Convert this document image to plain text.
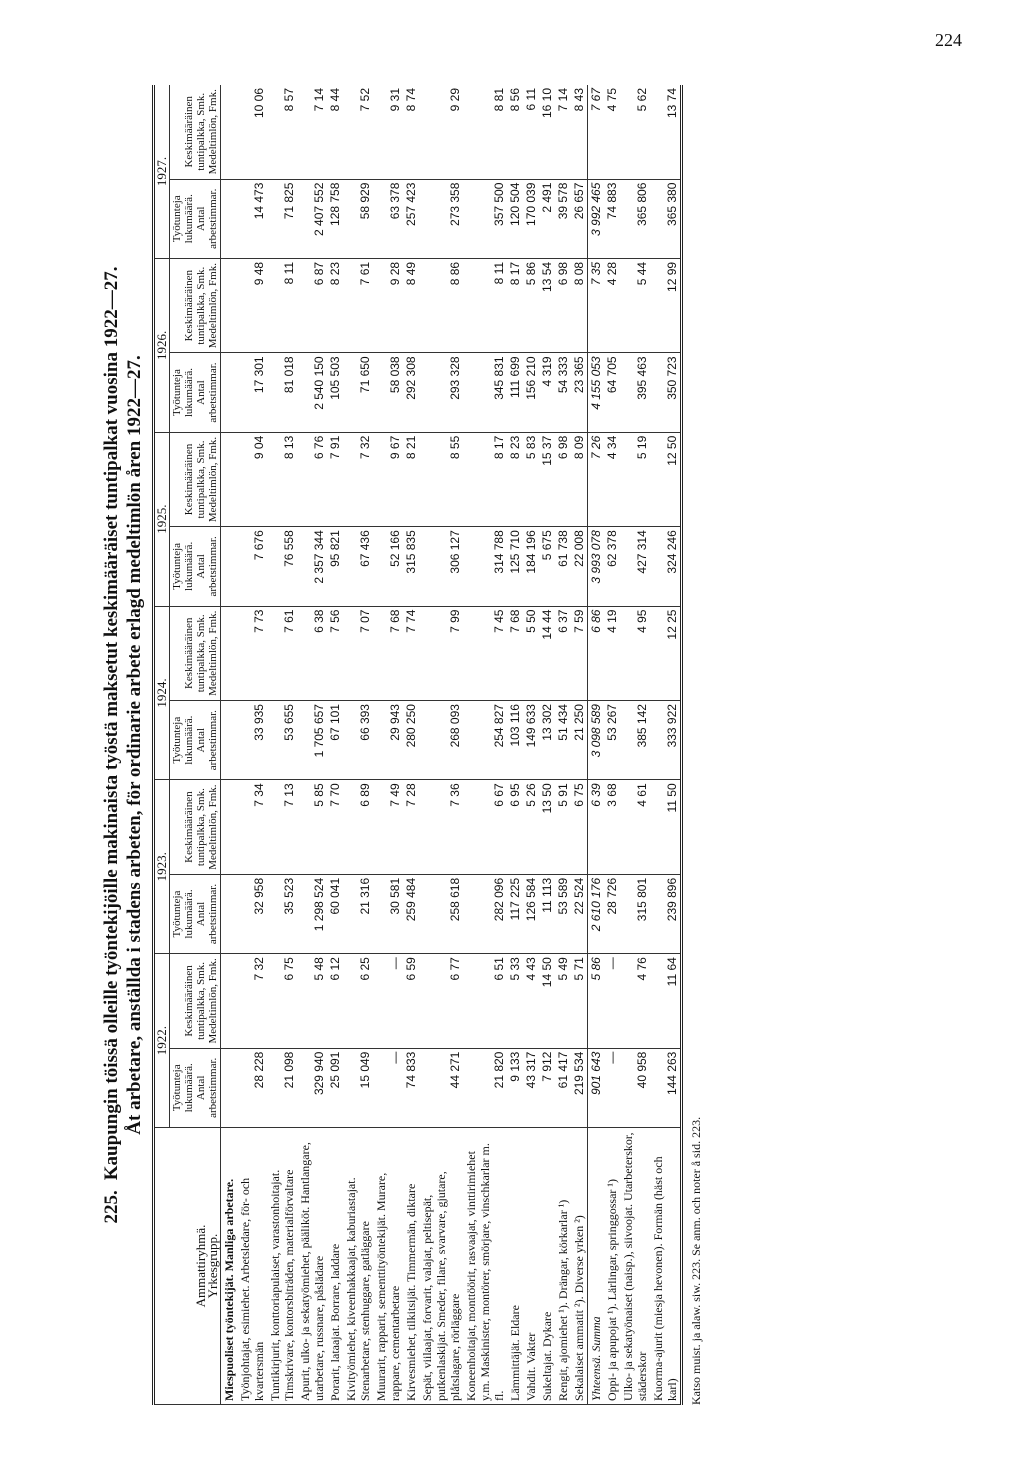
224
225.Kaupungin töissä olleille työntekijöille makinaista työstä maksetut keskimääräiset tuntipalkat vuosina 1922—27. Åt arbetare, anställda i stadens arbeten, för ordinarie arbete erlagd medeltimlön åren 1922—27.
Ammattiryhmä.
Yrkesgrupp.	1922.		1923.		1924.		1925.		1926.		1927.	
	Työtunteja lukumäärä. Antal arbetstimmar.	Keskimääräinen tuntipalkka, Smk. Medeltimlön, Fmk.	Työtunteja lukumäärä. Antal arbetstimmar.	Keskimääräinen tuntipalkka, Smk. Medeltimlön, Fmk.	Työtunteja lukumäärä. Antal arbetstimmar.	Keskimääräinen tuntipalkka, Smk. Medeltimlön, Fmk.	Työtunteja lukumäärä. Antal arbetstimmar.	Keskimääräinen tuntipalkka, Smk. Medeltimlön, Fmk.	Työtunteja lukumäärä. Antal arbetstimmar.	Keskimääräinen tuntipalkka, Smk. Medeltimlön, Fmk.	Työtunteja lukumäärä. Antal arbetstimmar.	Keskimääräinen tuntipalkka, Smk. Medeltimlön, Fmk.
Miespuoliset työntekijät. Manliga arbetare.												
Työnjohtajat, esimiehet. Arbetsledare, för- och kvartersmän	28 228	7 32	32 958	7 34	33 935	7 73	7 676	9 04	17 301	9 48	14 473	10 06
Tuntikirjurit, konttoriapulaiset, varastonhoitajat. Timskrivare, kontorsbiträden, materialförvaltare	21 098	6 75	35 523	7 13	53 655	7 61	76 558	8 13	81 018	8 11	71 825	8 57
Apurit, ulko- ja sekatyömiehet, pääliköt. Hantlangare, utarbetare, russnare, påslädare	329 940	5 48	1 298 524	5 85	1 705 657	6 38	2 357 344	6 76	2 540 150	6 87	2 407 552	7 14
Porarit, lataajat. Borrare, laddare	25 091	6 12	60 041	7 70	67 101	7 56	95 821	7 91	105 503	8 23	128 758	8 44
Kivityömiehet, kiveenhakkaajat, kaburiastajat. Stenarbetare, stenhuggare, gatläggare	15 049	6 25	21 316	6 89	66 393	7 07	67 436	7 32	71 650	7 61	58 929	7 52
Muurarit, rapparit, sementtityöntekijät. Murare, rappare, cementarbetare	—	—	30 581	7 49	29 943	7 68	52 166	9 67	58 038	9 28	63 378	9 31
Kirvesmiehet, tilkitsijät. Timmermän, diktare	74 833	6 59	259 484	7 28	280 250	7 74	315 835	8 21	292 308	8 49	257 423	8 74
Sepät, viilaajat, forvarit, valajat, peltisepät, putkenlaskijat. Smeder, filare, svarvare, gjutare, plåtslagare, rörläggare	44 271	6 77	258 618	7 36	268 093	7 99	306 127	8 55	293 328	8 86	273 358	9 29
Koneenhoitajat, monttöörit, rasvaajat, vinttirimiehet y.m. Maskinister, montörer, smörjare, vinschkarlar m. fl.	21 820	6 51	282 096	6 67	254 827	7 45	314 788	8 17	345 831	8 11	357 500	8 81
Lämmittäjät. Eldare	9 133	5 33	117 225	6 95	103 116	7 68	125 710	8 23	111 699	8 17	120 504	8 56
Vahdit. Vakter	43 317	4 43	126 584	5 26	149 633	5 50	184 196	5 83	156 210	5 86	170 039	6 11
Sukeltajat. Dykare	7 912	14 50	11 113	13 50	13 302	14 44	5 675	15 37	4 319	13 54	2 491	16 10
Rengit, ajomiehet ¹). Drängar, körkarlar ¹)	61 417	5 49	53 589	5 91	51 434	6 37	61 738	6 98	54 333	6 98	39 578	7 14
Sekalaiset ammatit ²). Diverse yrken ²)	219 534	5 71	22 524	6 75	21 250	7 59	22 008	8 09	23 365	8 08	26 657	8 43
Yhteensä. Summa	901 643	5 86	2 610 176	6 39	3 098 589	6 86	3 993 078	7 26	4 155 053	7 35	3 992 465	7 67
Oppi- ja apupojat ¹). Lärlingar, springgossar ¹)	—	—	28 726	3 68	53 267	4 19	62 378	4 34	64 705	4 28	74 883	4 75
Ulko- ja sekatyönaiset (naisp.), siivoojat. Utarbeterskor, städerskor	40 958	4 76	315 801	4 61	385 142	4 95	427 314	5 19	395 463	5 44	365 806	5 62
Kuorma-ajurit (miesja hevonen). Formän (häst och karl)	144 263	11 64	239 896	11 50	333 922	12 25	324 246	12 50	350 723	12 99	365 380	13 74
Katso muist. ja alaw. siw. 223. Se anm. och noter å sid. 223.
